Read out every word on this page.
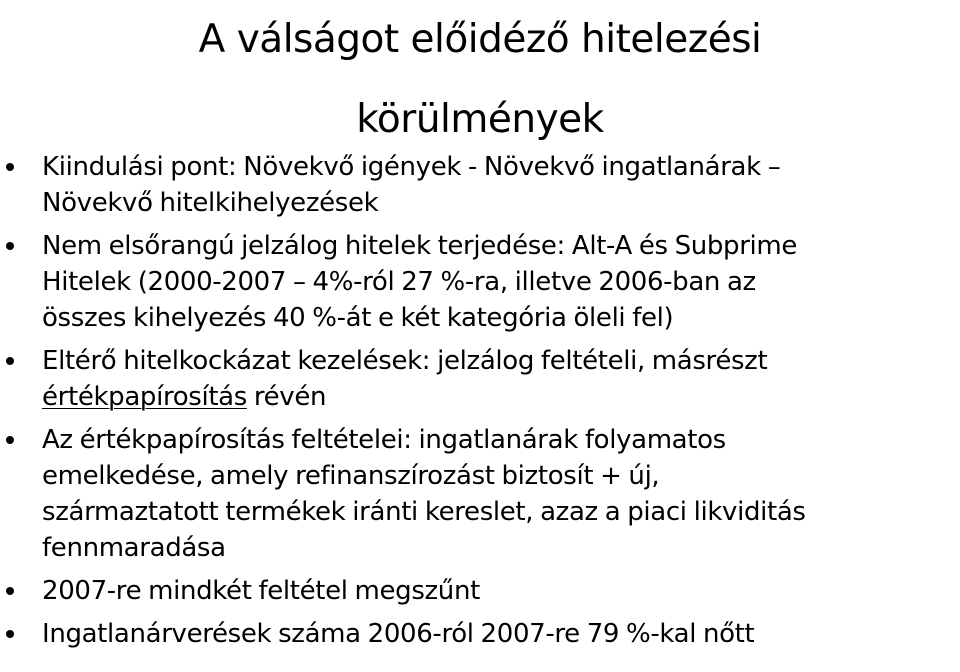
A válságot előidéző hitelezési
körülmények
Kiindulási pont: Növekvő igények - Növekvő ingatlanárak –
Növekvő hitelkihelyezések
Nem elsőrangú jelzálog hitelek terjedése: Alt-A és Subprime
Hitelek (2000-2007 – 4%-ról 27 %-ra, illetve 2006-ban az
összes kihelyezés 40 %-át e két kategória öleli fel)
Eltérő hitelkockázat kezelések: jelzálog feltételi, másrészt
értékpapírosítás révén
Az értékpapírosítás feltételei: ingatlanárak folyamatos
emelkedése, amely refinanszírozást biztosít + új,
származtatott termékek iránti kereslet, azaz a piaci likviditás
fennmaradása
2007-re mindkét feltétel megszűnt
Ingatlanárverések száma 2006-ról 2007-re 79 %-kal nőtt
